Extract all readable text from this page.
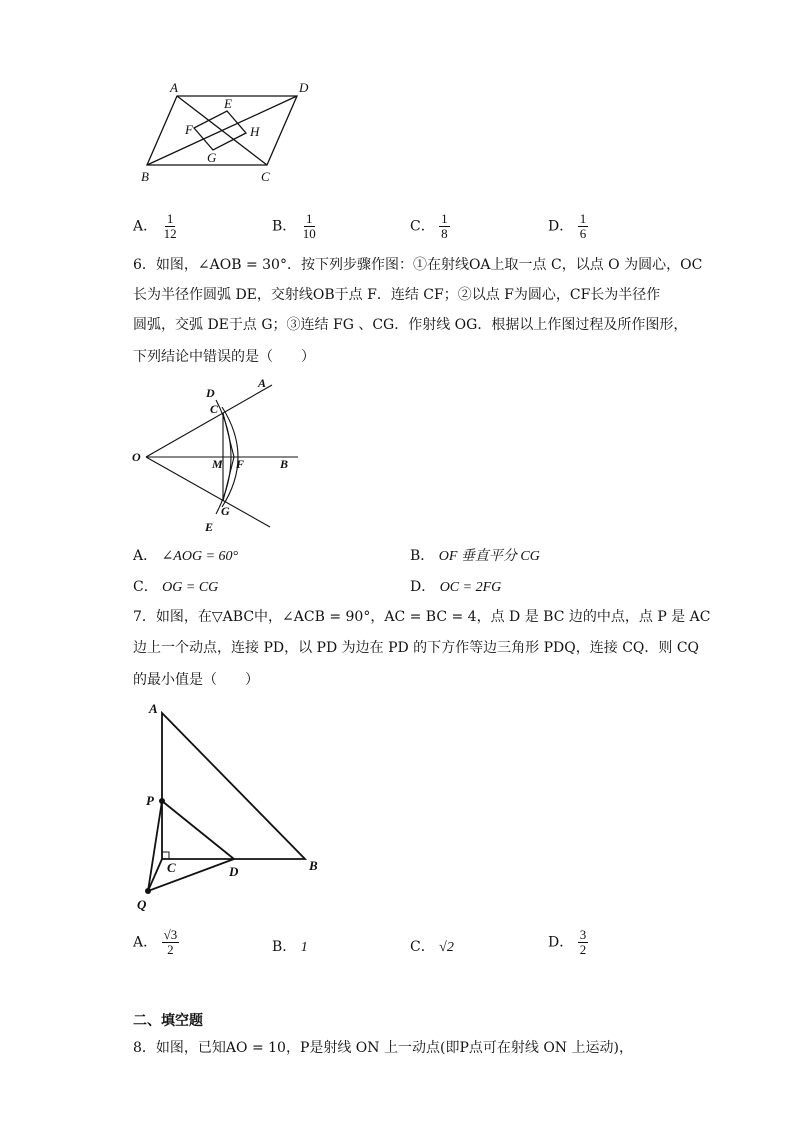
A	D
E
F	H
G
B	C
A． $\frac{1}{12}$	B． $\frac{1}{10}$	C． $\frac{1}{8}$	D． $\frac{1}{6}$
6．如图，∠AOB = 30°．按下列步骤作图：①在射线OA上取一点 C，以点 O 为圆心，OC
长为半径作圆弧 DE，交射线OB于点 F．连结 CF；②以点 F为圆心，CF长为半径作
圆弧，交弧 DE于点 G；③连结 FG 、CG．作射线 OG．根据以上作图过程及所作图形，
下列结论中错误的是（　　）
D
A
C
O	M F	B
G
E
A． ∠AOG = 60°	B． OF 垂直平分 CG
C． OG = CG	D． OC = 2FG
7．如图，在▽ABC中，∠ACB = 90°，AC = BC = 4，点 D 是 BC 边的中点，点 P 是 AC
边上一个动点，连接 PD，以 PD 为边在 PD 的下方作等边三角形 PDQ，连接 CQ．则 CQ
的最小值是（　　）
A
P
C	D	B
Q
A． $\frac{√3}{2}$	B． 1	C． √2	D． $\frac{3}{2}$
二、填空题
8．如图，已知AO = 10，P是射线 ON 上一动点(即P点可在射线 ON 上运动)，
